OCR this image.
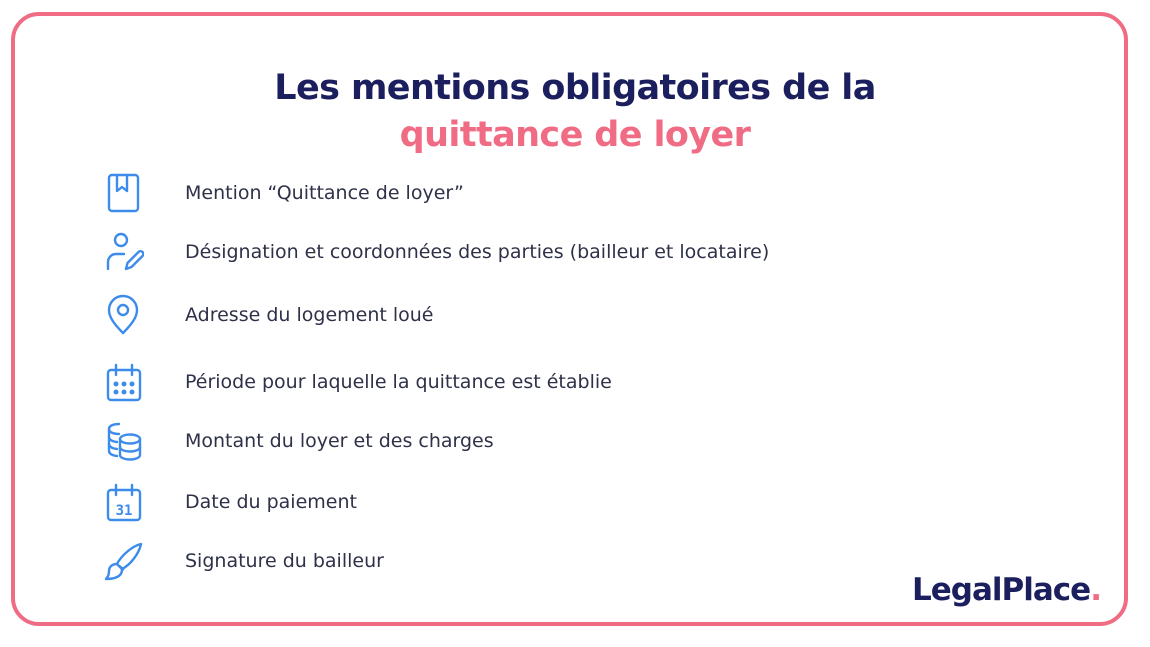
Les mentions obligatoires de la
quittance de loyer
Mention “Quittance de loyer”
Désignation et coordonnées des parties (bailleur et locataire)
Adresse du logement loué
Période pour laquelle la quittance est établie
Montant du loyer et des charges
31	Date du paiement
Signature du bailleur
LegalPlace.
